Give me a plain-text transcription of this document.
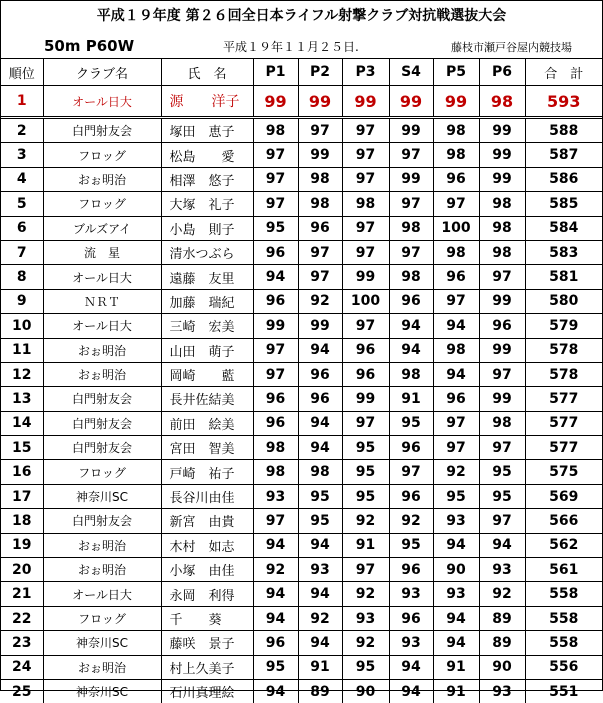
平成１９年度 第２６回全日本ライフル射撃クラブ対抗戦選抜大会
50m P60W	平成１９年１１月２５日.	藤枝市瀬戸谷屋内競技場
順位	クラブ名	氏　名	P1	P2	P3	S4	P5	P6	合　計
1	オール日大	源　　洋子	99	99	99	99	99	98	593
2	白門射友会	塚田　恵子	98	97	97	99	98	99	588
3	フロッグ	松島　　愛	97	99	97	97	98	99	587
4	おぉ明治	相澤　悠子	97	98	97	99	96	99	586
5	フロッグ	大塚　礼子	97	98	98	97	97	98	585
6	ブルズアイ	小島　則子	95	96	97	98	100	98	584
7	流　星	清水つぶら	96	97	97	97	98	98	583
8	オール日大	遠藤　友里	94	97	99	98	96	97	581
9	ＮＲＴ	加藤　瑞紀	96	92	100	96	97	99	580
10	オール日大	三崎　宏美	99	99	97	94	94	96	579
11	おぉ明治	山田　萌子	97	94	96	94	98	99	578
12	おぉ明治	岡崎　　藍	97	96	96	98	94	97	578
13	白門射友会	長井佐結美	96	96	99	91	96	99	577
14	白門射友会	前田　絵美	96	94	97	95	97	98	577
15	白門射友会	宮田　智美	98	94	95	96	97	97	577
16	フロッグ	戸崎　祐子	98	98	95	97	92	95	575
17	神奈川SC	長谷川由佳	93	95	95	96	95	95	569
18	白門射友会	新宮　由貴	97	95	92	92	93	97	566
19	おぉ明治	木村　如志	94	94	91	95	94	94	562
20	おぉ明治	小塚　由佳	92	93	97	96	90	93	561
21	オール日大	永岡　利得	94	94	92	93	93	92	558
22	フロッグ	千　　葵	94	92	93	96	94	89	558
23	神奈川SC	藤咲　景子	96	94	92	93	94	89	558
24	おぉ明治	村上久美子	95	91	95	94	91	90	556
25	神奈川SC	石川真理絵	94	89	90	94	91	93	551
